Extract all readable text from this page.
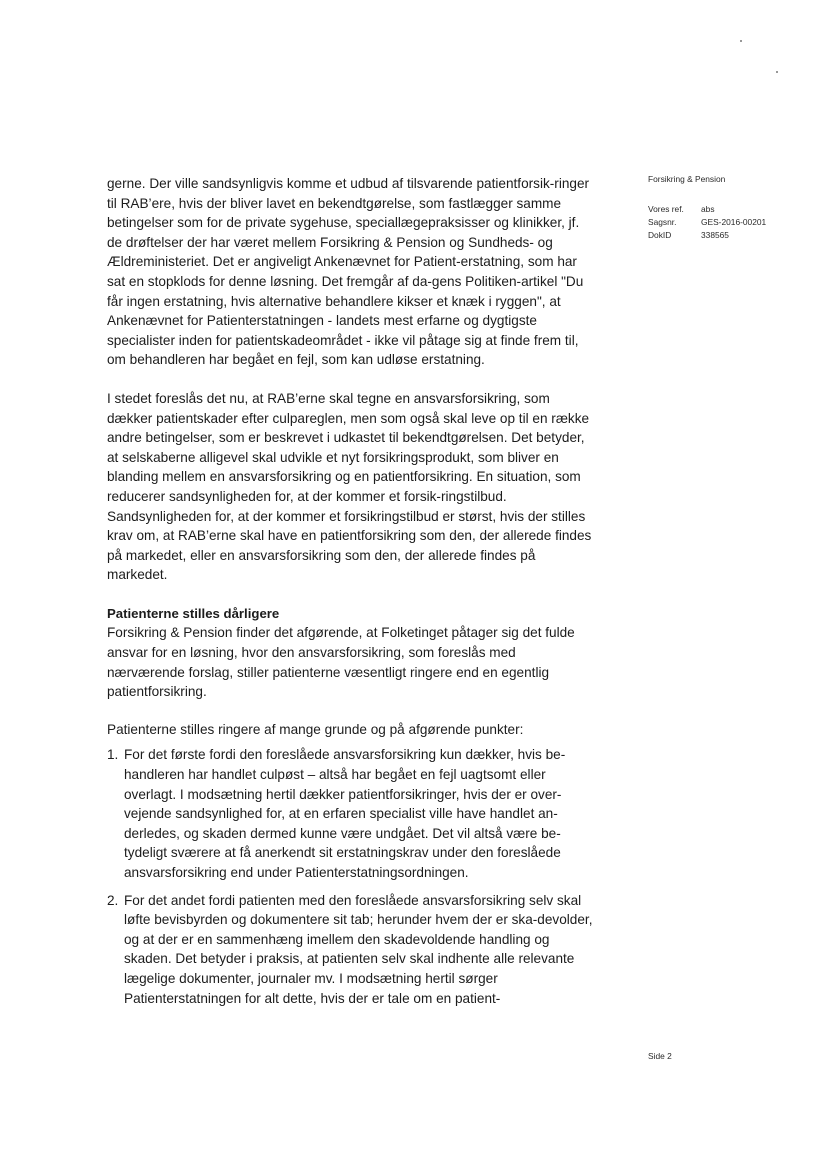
gerne. Der ville sandsynligvis komme et udbud af tilsvarende patientforsik-ringer til RAB’ere, hvis der bliver lavet en bekendtgørelse, som fastlægger samme betingelser som for de private sygehuse, speciallægepraksisser og klinikker, jf. de drøftelser der har været mellem Forsikring & Pension og Sundheds- og Ældreministeriet. Det er angiveligt Ankenævnet for Patient-erstatning, som har sat en stopklods for denne løsning. Det fremgår af da-gens Politiken-artikel "Du får ingen erstatning, hvis alternative behandlere kikser et knæk i ryggen", at Ankenævnet for Patienterstatningen - landets mest erfarne og dygtigste specialister inden for patientskadeområdet - ikke vil påtage sig at finde frem til, om behandleren har begået en fejl, som kan udløse erstatning.

I stedet foreslås det nu, at RAB’erne skal tegne en ansvarsforsikring, som dækker patientskader efter culpareglen, men som også skal leve op til en række andre betingelser, som er beskrevet i udkastet til bekendtgørelsen. Det betyder, at selskaberne alligevel skal udvikle et nyt forsikringsprodukt, som bliver en blanding mellem en ansvarsforsikring og en patientforsikring. En situation, som reducerer sandsynligheden for, at der kommer et forsik-ringstilbud. Sandsynligheden for, at der kommer et forsikringstilbud er størst, hvis der stilles krav om, at RAB’erne skal have en patientforsikring som den, der allerede findes på markedet, eller en ansvarsforsikring som den, der allerede findes på markedet.

Patienterne stilles dårligere

Forsikring & Pension finder det afgørende, at Folketinget påtager sig det fulde ansvar for en løsning, hvor den ansvarsforsikring, som foreslås med nærværende forslag, stiller patienterne væsentligt ringere end en egentlig patientforsikring.

Patienterne stilles ringere af mange grunde og på afgørende punkter:

1. For det første fordi den foreslåede ansvarsforsikring kun dækker, hvis be-handleren har handlet culpøst – altså har begået en fejl uagtsomt eller overlagt. I modsætning hertil dækker patientforsikringer, hvis der er over-vejende sandsynlighed for, at en erfaren specialist ville have handlet an-derledes, og skaden dermed kunne være undgået. Det vil altså være be-tydeligt sværere at få anerkendt sit erstatningskrav under den foreslåede ansvarsforsikring end under Patienterstatningsordningen.
2. For det andet fordi patienten med den foreslåede ansvarsforsikring selv skal løfte bevisbyrden og dokumentere sit tab; herunder hvem der er ska-devolder, og at der er en sammenhæng imellem den skadevoldende handling og skaden. Det betyder i praksis, at patienten selv skal indhente alle relevante lægelige dokumenter, journaler mv. I modsætning hertil sørger Patienterstatningen for alt dette, hvis der er tale om en patient-
Forsikring & Pension
Vores ref.	abs
Sagsnr.	GES-2016-00201
DokID	338565
Side 2
